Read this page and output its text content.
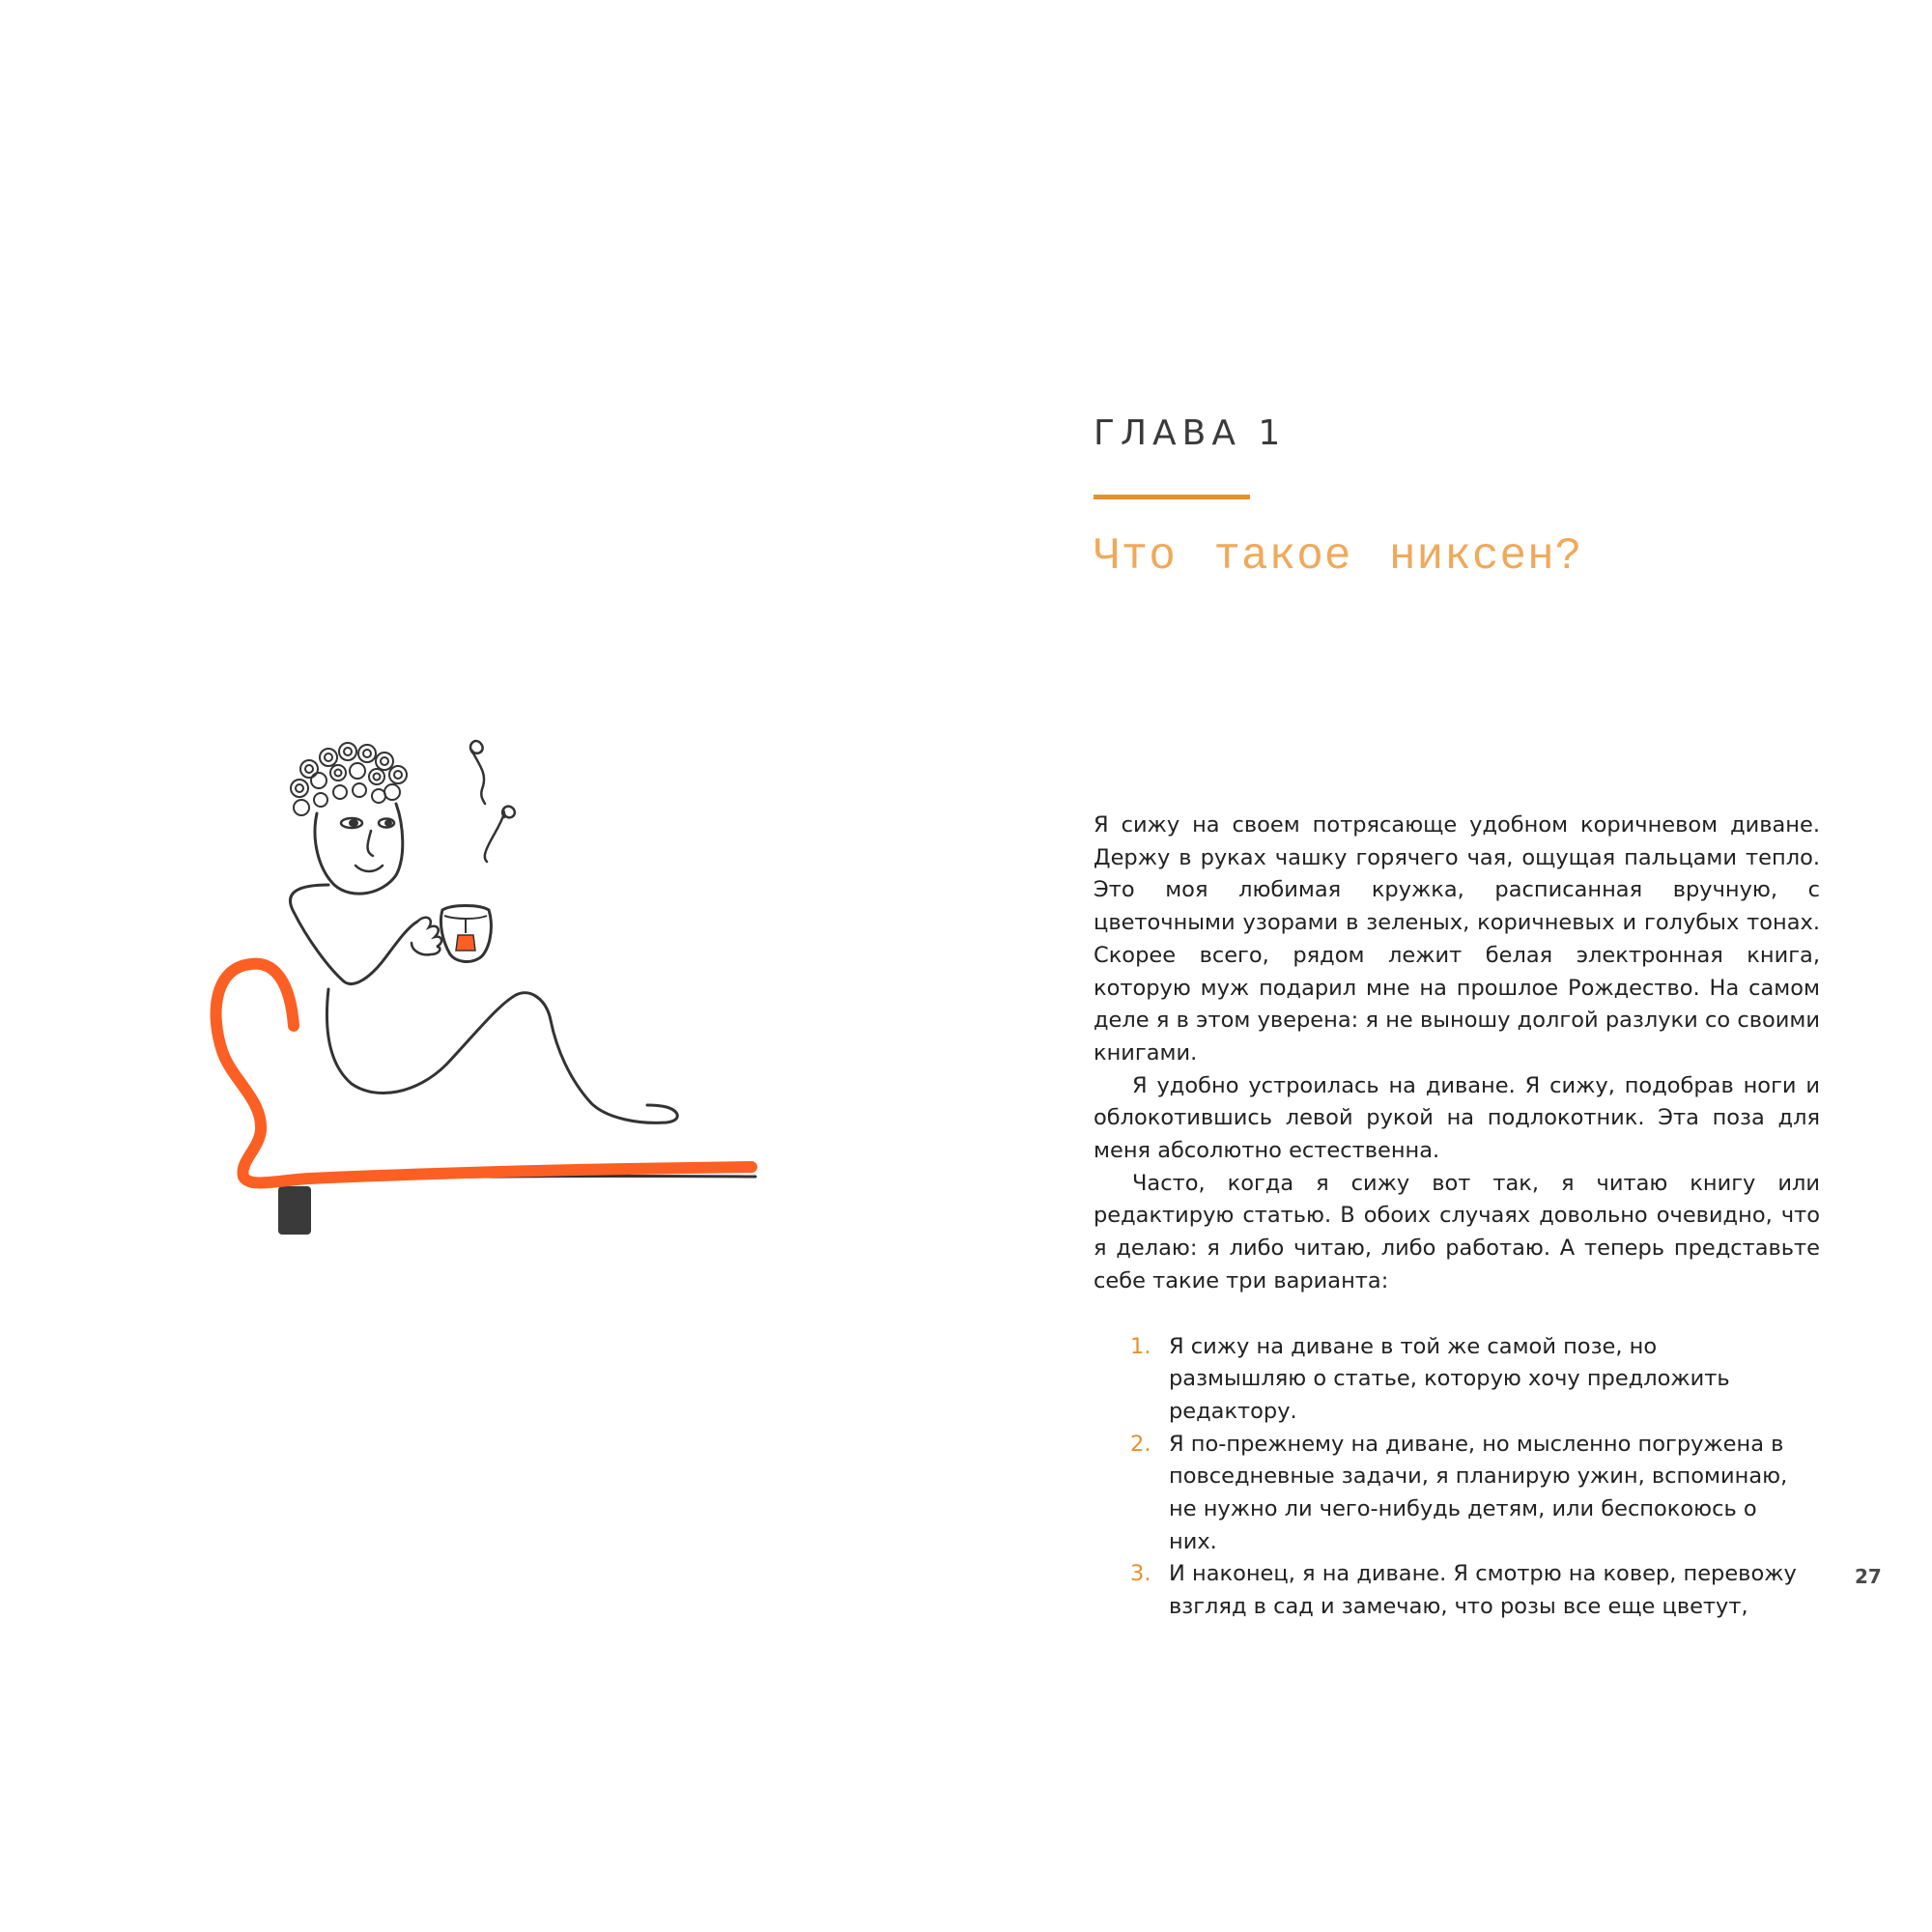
ГЛАВА 1
Что такое никсен?

Я сижу на своем потрясающе удобном коричневом диване. Держу в руках чашку горячего чая, ощущая пальцами тепло. Это моя любимая кружка, расписанная вручную, с цветочными узорами в зеленых, коричневых и голубых тонах. Скорее всего, рядом лежит белая электронная книга, которую муж подарил мне на прошлое Рождество. На самом деле я в этом уверена: я не выношу долгой разлуки со своими книгами.

Я удобно устроилась на диване. Я сижу, подобрав ноги и облокотившись левой рукой на подлокотник. Эта поза для меня абсолютно естественна.

Часто, когда я сижу вот так, я читаю книгу или редактирую статью. В обоих случаях довольно очевидно, что я делаю: я либо читаю, либо работаю. А теперь представьте себе такие три варианта:

1. Я сижу на диване в той же самой позе, но размышляю о статье, которую хочу предложить редактору.
2. Я по-прежнему на диване, но мысленно погружена в повседневные задачи, я планирую ужин, вспоминаю, не нужно ли чего-нибудь детям, или беспокоюсь о них.
3. И наконец, я на диване. Я смотрю на ковер, перевожу взгляд в сад и замечаю, что розы все еще цветут,
27
